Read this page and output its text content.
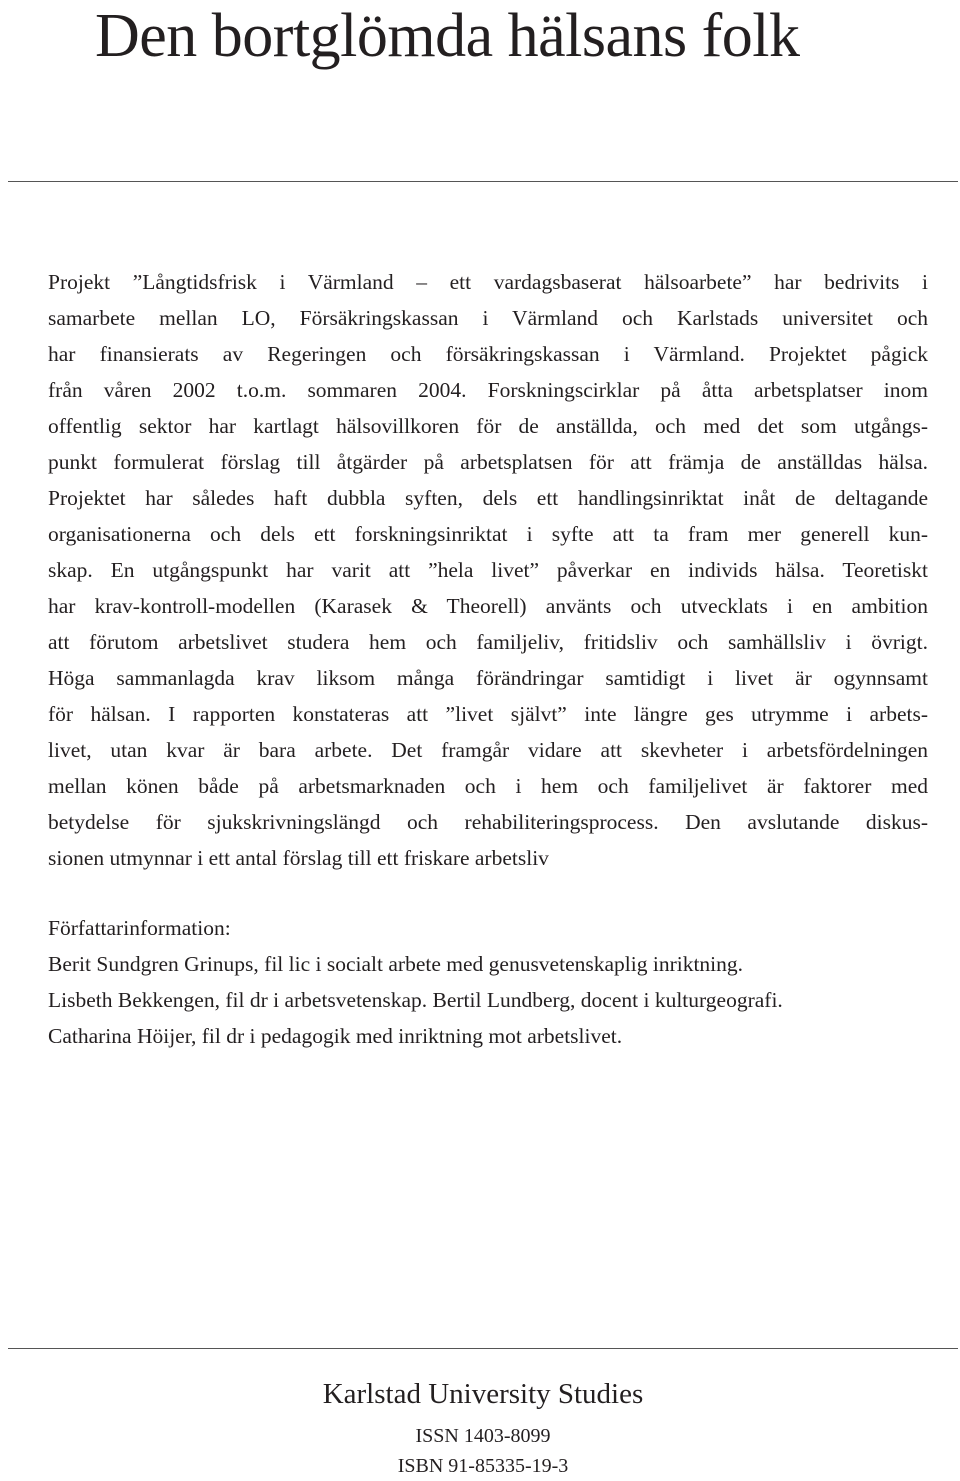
Den bortglömda hälsans folk
Projekt ”Långtidsfrisk i Värmland – ett vardagsbaserat hälsoarbete” har bedrivits i
samarbete mellan LO, Försäkringskassan i Värmland och Karlstads universitet och
har finansierats av Regeringen och försäkringskassan i Värmland. Projektet pågick
från våren 2002 t.o.m. sommaren 2004. Forskningscirklar på åtta arbetsplatser inom
offentlig sektor har kartlagt hälsovillkoren för de anställda, och med det som utgångs-
punkt formulerat förslag till åtgärder på arbetsplatsen för att främja de anställdas hälsa.
Projektet har således haft dubbla syften, dels ett handlingsinriktat inåt de deltagande
organisationerna och dels ett forskningsinriktat i syfte att ta fram mer generell kun-
skap. En utgångspunkt har varit att ”hela livet” påverkar en individs hälsa. Teoretiskt
har krav-kontroll-modellen (Karasek & Theorell) använts och utvecklats i en ambition
att förutom arbetslivet studera hem och familjeliv, fritidsliv och samhällsliv i övrigt.
Höga sammanlagda krav liksom många förändringar samtidigt i livet är ogynnsamt
för hälsan. I rapporten konstateras att ”livet självt” inte längre ges utrymme i arbets-
livet, utan kvar är bara arbete. Det framgår vidare att skevheter i arbetsfördelningen
mellan könen både på arbetsmarknaden och i hem och familjelivet är faktorer med
betydelse för sjukskrivningslängd och rehabiliteringsprocess. Den avslutande diskus-
sionen utmynnar i ett antal förslag till ett friskare arbetsliv
Författarinformation:
Berit Sundgren Grinups, fil lic i socialt arbete med genusvetenskaplig inriktning.
Lisbeth Bekkengen, fil dr i arbetsvetenskap. Bertil Lundberg, docent i kulturgeografi.
Catharina Höijer, fil dr i pedagogik med inriktning mot arbetslivet.
Karlstad University Studies
ISSN 1403-8099
ISBN 91-85335-19-3
